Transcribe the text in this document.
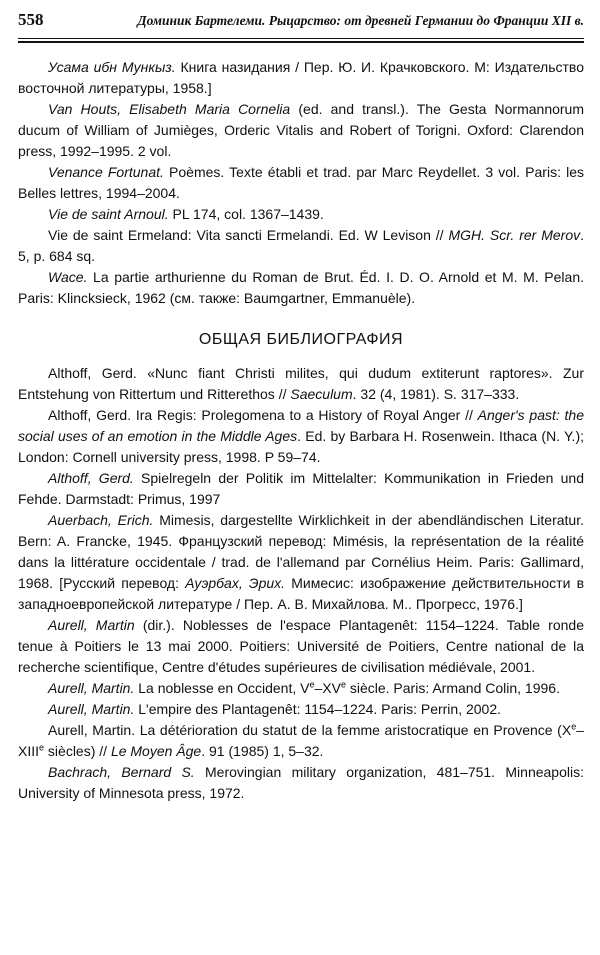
558	Доминик Бартелеми. Рыцарство: от древней Германии до Франции XII в.

Усама ибн Мункыз. Книга назидания / Пер. Ю. И. Крачковского. М: Издательство восточной литературы, 1958.]

Van Houts, Elisabeth Maria Cornelia (ed. and transl.). The Gesta Normannorum ducum of William of Jumièges, Orderic Vitalis and Robert of Torigni. Oxford: Clarendon press, 1992–1995. 2 vol.

Venance Fortunat. Poèmes. Texte établi et trad. par Marc Reydellet. 3 vol. Paris: les Belles lettres, 1994–2004.

Vie de saint Arnoul. PL 174, col. 1367–1439.

Vie de saint Ermeland: Vita sancti Ermelandi. Ed. W Levison // MGH. Scr. rer Merov. 5, p. 684 sq.

Wace. La partie arthurienne du Roman de Brut. Éd. I. D. O. Arnold et M. M. Pelan. Paris: Klincksieck, 1962 (см. также: Baumgartner, Emmanuèle).

ОБЩАЯ БИБЛИОГРАФИЯ

Althoff, Gerd. «Nunc fiant Christi milites, qui dudum extiterunt raptores». Zur Entstehung von Rittertum und Ritterethos // Saeculum. 32 (4, 1981). S. 317–333.

Althoff, Gerd. Ira Regis: Prolegomena to a History of Royal Anger // Anger's past: the social uses of an emotion in the Middle Ages. Ed. by Barbara H. Rosenwein. Ithaca (N. Y.); London: Cornell university press, 1998. P 59–74.

Althoff, Gerd. Spielregeln der Politik im Mittelalter: Kommunikation in Frieden und Fehde. Darmstadt: Primus, 1997

Auerbach, Erich. Mimesis, dargestellte Wirklichkeit in der abendländischen Literatur. Bern: A. Francke, 1945. Французский перевод: Mimésis, la représentation de la réalité dans la littérature occidentale / trad. de l'allemand par Cornélius Heim. Paris: Gallimard, 1968. [Русский перевод: Ауэрбах, Эрих. Мимесис: изображение действительности в западноевропейской литературе / Пер. А. В. Михайлова. М.. Прогресс, 1976.]

Aurell, Martin (dir.). Noblesses de l'espace Plantagenêt: 1154–1224. Table ronde tenue à Poitiers le 13 mai 2000. Poitiers: Université de Poitiers, Centre national de la recherche scientifique, Centre d'études supérieures de civilisation médiévale, 2001.

Aurell, Martin. La noblesse en Occident, Ve–XVe siècle. Paris: Armand Colin, 1996.

Aurell, Martin. L'empire des Plantagenêt: 1154–1224. Paris: Perrin, 2002.

Aurell, Martin. La détérioration du statut de la femme aristocratique en Provence (Xe–XIIIe siècles) // Le Moyen Âge. 91 (1985) 1, 5–32.

Bachrach, Bernard S. Merovingian military organization, 481–751. Minneapolis: University of Minnesota press, 1972.
